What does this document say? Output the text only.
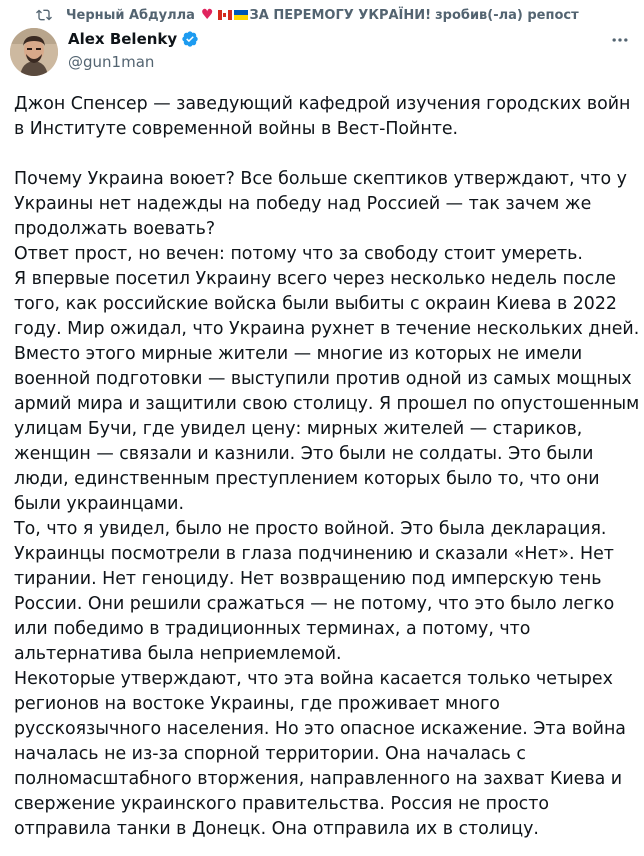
Черный Абдулла ♥	ЗА ПЕРЕМОГУ УКРАЇНИ! зробив(-ла) репост
Alex Belenky
@gun1man

Джон Спенсер — заведующий кафедрой изучения городских войн в Институте современной войны в Вест-Пойнте.

Почему Украина воюет? Все больше скептиков утверждают, что у Украины нет надежды на победу над Россией — так зачем же продолжать воевать?

Ответ прост, но вечен: потому что за свободу стоит умереть.

Я впервые посетил Украину всего через несколько недель после того, как российские войска были выбиты с окраин Киева в 2022 году. Мир ожидал, что Украина рухнет в течение нескольких дней. Вместо этого мирные жители — многие из которых не имели военной подготовки — выступили против одной из самых мощных армий мира и защитили свою столицу. Я прошел по опустошенным улицам Бучи, где увидел цену: мирных жителей — стариков, женщин — связали и казнили. Это были не солдаты. Это были люди, единственным преступлением которых было то, что они были украинцами.

То, что я увидел, было не просто войной. Это была декларация. Украинцы посмотрели в глаза подчинению и сказали «Нет». Нет тирании. Нет геноциду. Нет возвращению под имперскую тень России. Они решили сражаться — не потому, что это было легко или победимо в традиционных терминах, а потому, что альтернатива была неприемлемой.

Некоторые утверждают, что эта война касается только четырех регионов на востоке Украины, где проживает много русскоязычного населения. Но это опасное искажение. Эта война началась не из-за спорной территории. Она началась с полномасштабного вторжения, направленного на захват Киева и свержение украинского правительства. Россия не просто отправила танки в Донецк. Она отправила их в столицу.
